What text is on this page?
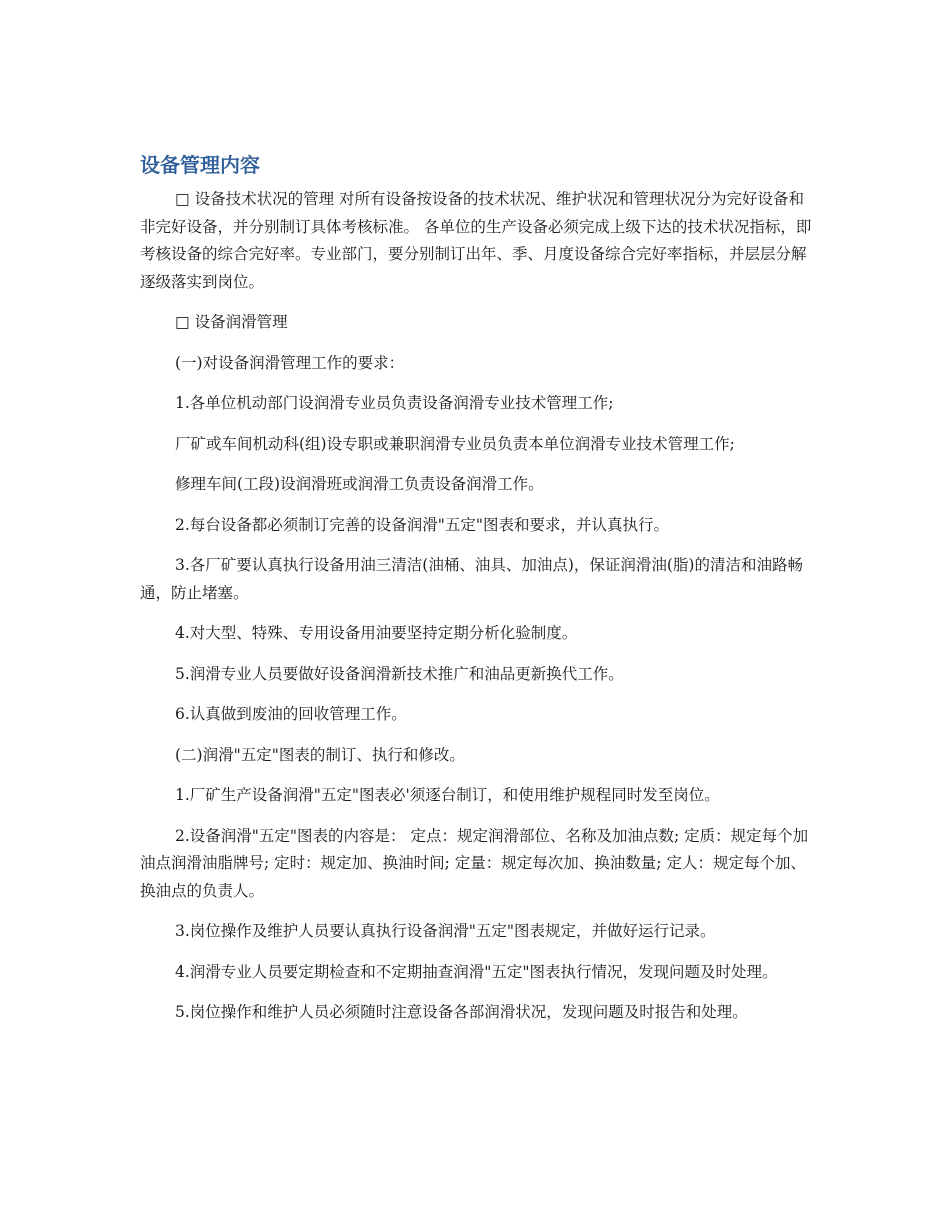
设备管理内容

□ 设备技术状况的管理 对所有设备按设备的技术状况、维护状况和管理状况分为完好设备和非完好设备，并分别制订具体考核标准。 各单位的生产设备必须完成上级下达的技术状况指标，即考核设备的综合完好率。专业部门，要分别制订出年、季、月度设备综合完好率指标，并层层分解逐级落实到岗位。

□ 设备润滑管理

(一)对设备润滑管理工作的要求：

1.各单位机动部门设润滑专业员负责设备润滑专业技术管理工作;

厂矿或车间机动科(组)设专职或兼职润滑专业员负责本单位润滑专业技术管理工作;

修理车间(工段)设润滑班或润滑工负责设备润滑工作。

2.每台设备都必须制订完善的设备润滑"五定"图表和要求，并认真执行。

3.各厂矿要认真执行设备用油三清洁(油桶、油具、加油点)，保证润滑油(脂)的清洁和油路畅通，防止堵塞。

4.对大型、特殊、专用设备用油要坚持定期分析化验制度。

5.润滑专业人员要做好设备润滑新技术推广和油品更新换代工作。

6.认真做到废油的回收管理工作。

(二)润滑"五定"图表的制订、执行和修改。

1.厂矿生产设备润滑"五定"图表必'须逐台制订，和使用维护规程同时发至岗位。

2.设备润滑"五定"图表的内容是： 定点：规定润滑部位、名称及加油点数; 定质：规定每个加油点润滑油脂牌号; 定时：规定加、换油时间; 定量：规定每次加、换油数量; 定人：规定每个加、换油点的负责人。

3.岗位操作及维护人员要认真执行设备润滑"五定"图表规定，并做好运行记录。

4.润滑专业人员要定期检查和不定期抽查润滑"五定"图表执行情况，发现问题及时处理。

5.岗位操作和维护人员必须随时注意设备各部润滑状况，发现问题及时报告和处理。
